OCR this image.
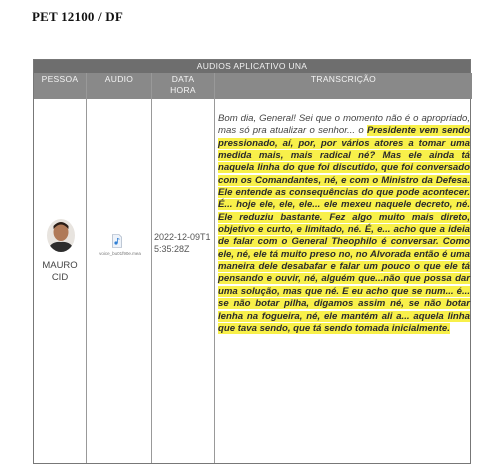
PET 12100 / DF
AUDIOS APLICATIVO UNA
PESSOA	AUDIO	DATA HORA
TRANSCRIÇÃO
MAURO CID
voice_bu01f90e.mea
2022-12-09T15:35:28Z
Bom dia, General! Sei que o momento não é o apropriado, mas só pra atualizar o senhor... o Presidente vem sendo pressionado, aí, por, por vários atores a tomar uma medida mais, mais radical né? Mas ele ainda tá naquela linha do que foi discutido, que foi conversado com os Comandantes, né, e com o Ministro da Defesa. Ele entende as consequências do que pode acontecer. É... hoje ele, ele, ele... ele mexeu naquele decreto, né. Ele reduziu bastante. Fez algo muito mais direto, objetivo e curto, e limitado, né. É, e... acho que a ideia de falar com o General Theophilo é conversar. Como ele, né, ele tá muito preso no, no Alvorada então é uma maneira dele desabafar e falar um pouco o que ele tá pensando e ouvir, né, alguém que...não que possa dar uma solução, mas que né. E eu acho que se num... é... se não botar pilha, digamos assim né, se não botar lenha na fogueira, né, ele mantém ali a... aquela linha que tava sendo, que tá sendo tomada inicialmente.
